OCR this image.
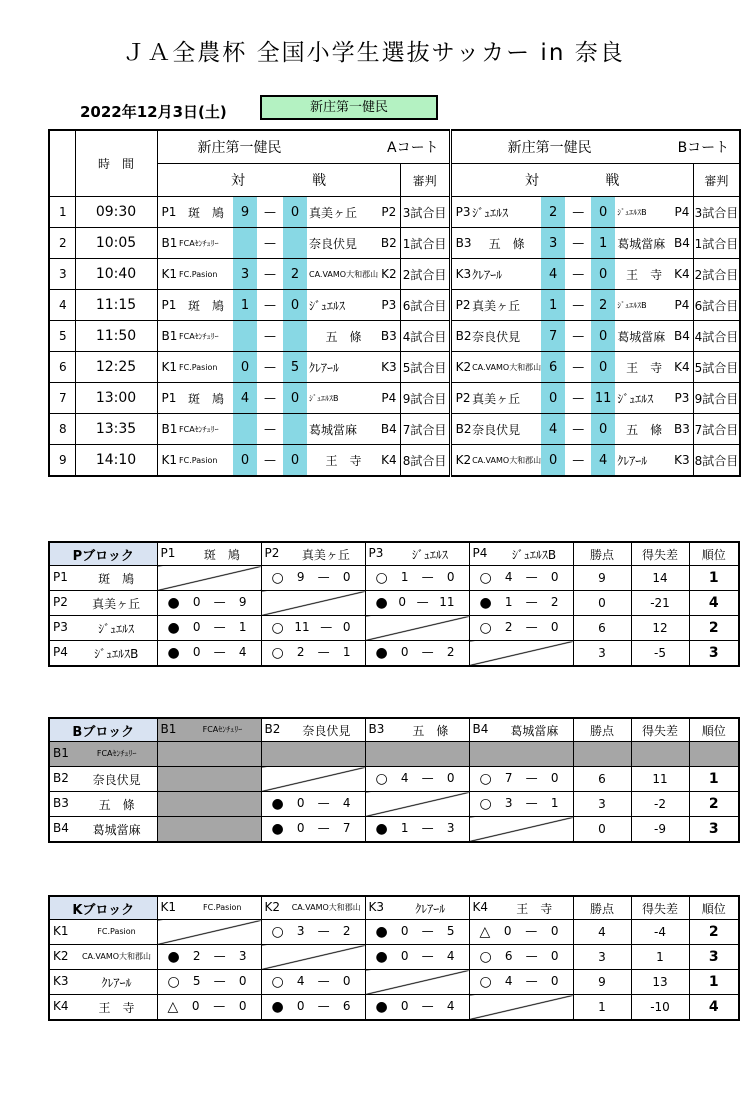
ＪＡ全農杯 全国小学生選抜サッカー in 奈良
2022年12月3日(土)	新庄第一健民
	時　間	新庄第一健民 Aコート								新庄第一健民 Bコート							

		対 戦							審判	対 戦							審判
1	09:30	P1	斑　鳩	9	—	0	真美ヶ丘	P2	3試合目	P3	ｼﾞｭｴﾙｽ	2	—	0	ｼﾞｭｴﾙｽB	P4	3試合目
2	10:05	B1	FCAｾﾝﾁｭﾘｰ		—		奈良伏見	B2	1試合目	B3	五　條	3	—	1	葛城當麻	B4	1試合目
3	10:40	K1	FC.Pasion	3	—	2	CA.VAMO大和郡山	K2	2試合目	K3	ｸﾚｱｰﾙ	4	—	0	王　寺	K4	2試合目
4	11:15	P1	斑　鳩	1	—	0	ｼﾞｭｴﾙｽ	P3	6試合目	P2	真美ヶ丘	1	—	2	ｼﾞｭｴﾙｽB	P4	6試合目
5	11:50	B1	FCAｾﾝﾁｭﾘｰ		—		五　條	B3	4試合目	B2	奈良伏見	7	—	0	葛城當麻	B4	4試合目
6	12:25	K1	FC.Pasion	0	—	5	ｸﾚｱｰﾙ	K3	5試合目	K2	CA.VAMO大和郡山	6	—	0	王　寺	K4	5試合目
7	13:00	P1	斑　鳩	4	—	0	ｼﾞｭｴﾙｽB	P4	9試合目	P2	真美ヶ丘	0	—	11	ｼﾞｭｴﾙｽ	P3	9試合目
8	13:35	B1	FCAｾﾝﾁｭﾘｰ		—		葛城當麻	B4	7試合目	B2	奈良伏見	4	—	0	五　條	B3	7試合目
9	14:10	K1	FC.Pasion	0	—	0	王　寺	K4	8試合目	K2	CA.VAMO大和郡山	0	—	4	ｸﾚｱｰﾙ	K3	8試合目
Pブロック	P1 斑　鳩	P2 真美ヶ丘	P3 ｼﾞｭｴﾙｽ	P4 ｼﾞｭｴﾙｽB	勝点	得失差	順位

P1 斑　鳩		○ 9 — 0	○ 1 — 0	○ 4 — 0	9	14	1

P2 真美ヶ丘	● 0 — 9		● 0 — 11	● 1 — 2	0	-21	4

P3 ｼﾞｭｴﾙｽ	● 0 — 1	○ 11 — 0		○ 2 — 0	6	12	2

P4 ｼﾞｭｴﾙｽB	● 0 — 4	○ 2 — 1	● 0 — 2		3	-5	3
Bブロック	B1 FCAｾﾝﾁｭﾘｰ	B2 奈良伏見	B3 五　條	B4 葛城當麻	勝点	得失差	順位

B1 FCAｾﾝﾁｭﾘｰ							

B2 奈良伏見			○ 4 — 0	○ 7 — 0	6	11	1

B3 五　條		● 0 — 4		○ 3 — 1	3	-2	2

B4 葛城當麻		● 0 — 7	● 1 — 3		0	-9	3
Kブロック	K1 FC.Pasion	K2 CA.VAMO大和郡山	K3 ｸﾚｱｰﾙ	K4 王　寺	勝点	得失差	順位

K1 FC.Pasion		○ 3 — 2	● 0 — 5	△ 0 — 0	4	-4	2

K2 CA.VAMO大和郡山	● 2 — 3		● 0 — 4	○ 6 — 0	3	1	3

K3 ｸﾚｱｰﾙ	○ 5 — 0	○ 4 — 0		○ 4 — 0	9	13	1

K4 王　寺	△ 0 — 0	● 0 — 6	● 0 — 4		1	-10	4
